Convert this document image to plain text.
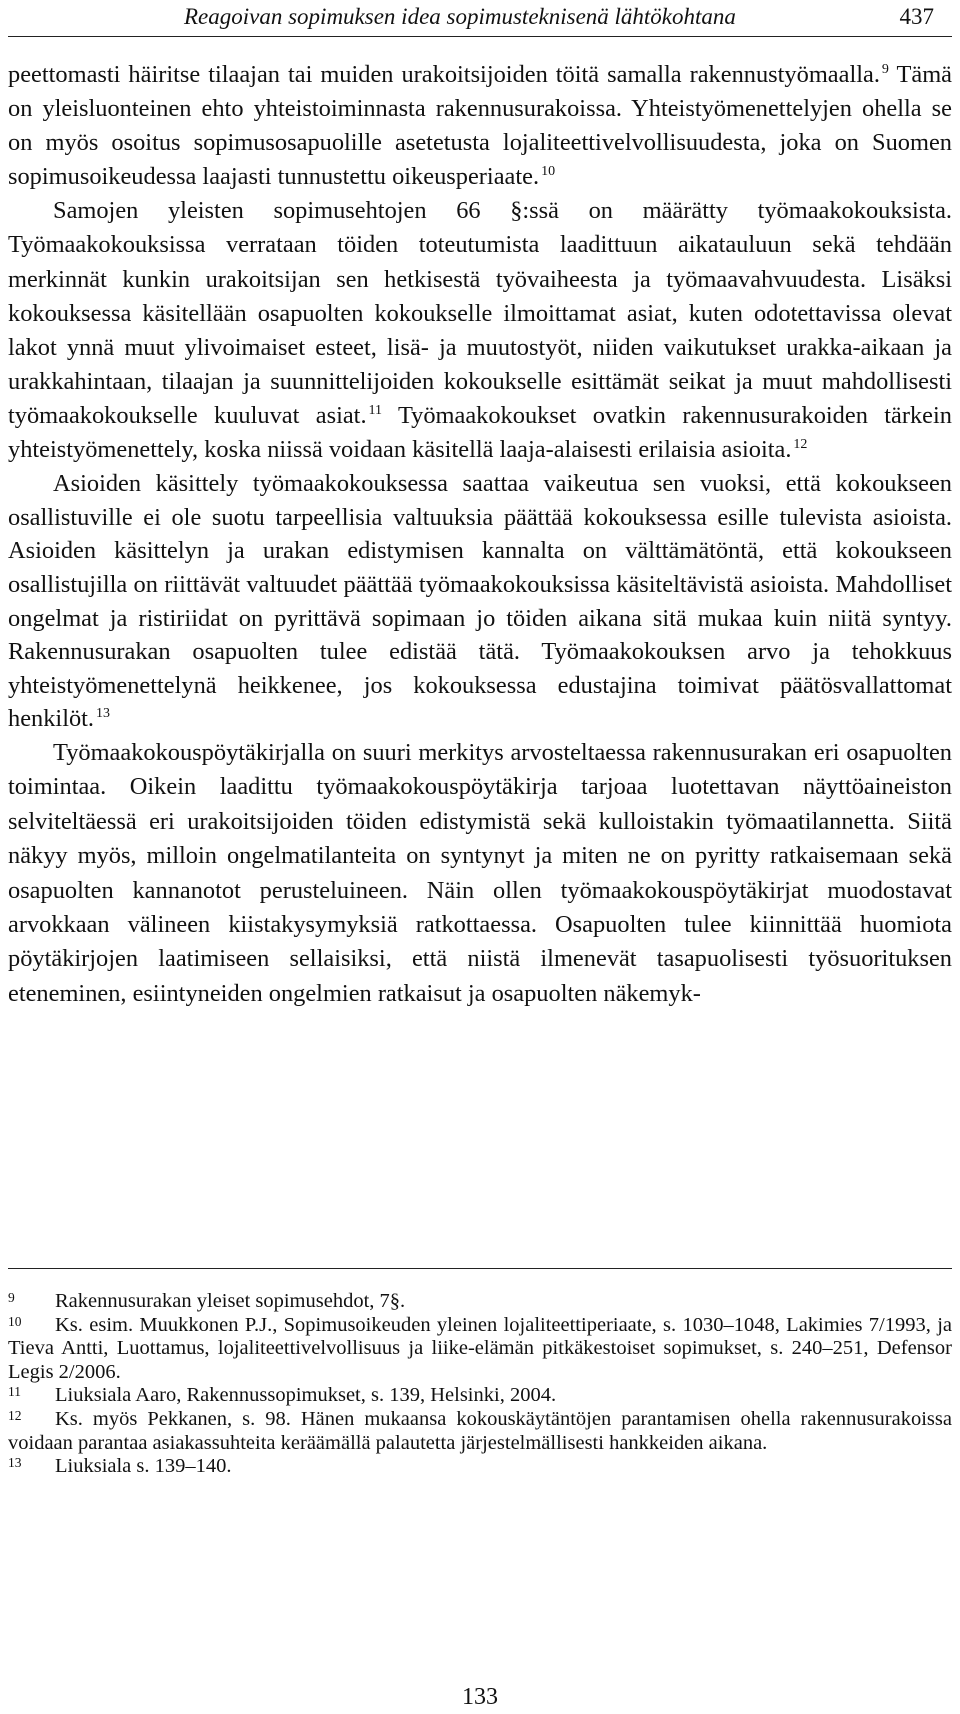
Reagoivan sopimuksen idea sopimusteknisenä lähtökohtana	437

peettomasti häiritse tilaajan tai muiden urakoitsijoiden töitä samalla rakennustyömaalla. $^9$ Tämä on yleisluonteinen ehto yhteistoiminnasta rakennusurakoissa. Yhteistyömenettelyjen ohella se on myös osoitus sopimusosapuolille asetetusta lojaliteettivelvollisuudesta, joka on Suomen sopimusoikeudessa laajasti tunnustettu oikeusperiaate. $^{10}$

Samojen yleisten sopimusehtojen 66 §:ssä on määrätty työmaakokouksista. Työmaakokouksissa verrataan töiden toteutumista laadittuun aikatauluun sekä tehdään merkinnät kunkin urakoitsijan sen hetkisestä työvaiheesta ja työmaavahvuudesta. Lisäksi kokouksessa käsitellään osapuolten kokoukselle ilmoittamat asiat, kuten odotettavissa olevat lakot ynnä muut ylivoimaiset esteet, lisä- ja muutostyöt, niiden vaikutukset urakka-aikaan ja urakkahintaan, tilaajan ja suunnittelijoiden kokoukselle esittämät seikat ja muut mahdollisesti työmaakokoukselle kuuluvat asiat. $^{11}$ Työmaakokoukset ovatkin rakennusurakoiden tärkein yhteistyömenettely, koska niissä voidaan käsitellä laaja-alaisesti erilaisia asioita. $^{12}$

Asioiden käsittely työmaakokouksessa saattaa vaikeutua sen vuoksi, että kokoukseen osallistuville ei ole suotu tarpeellisia valtuuksia päättää kokouksessa esille tulevista asioista. Asioiden käsittelyn ja urakan edistymisen kannalta on välttämätöntä, että kokoukseen osallistujilla on riittävät valtuudet päättää työmaakokouksissa käsiteltävistä asioista. Mahdolliset ongelmat ja ristiriidat on pyrittävä sopimaan jo töiden aikana sitä mukaa kuin niitä syntyy. Rakennusurakan osapuolten tulee edistää tätä. Työmaakokouksen arvo ja tehokkuus yhteistyömenettelynä heikkenee, jos kokouksessa edustajina toimivat päätösvallattomat henkilöt. $^{13}$

Työmaakokouspöytäkirjalla on suuri merkitys arvosteltaessa rakennusurakan eri osapuolten toimintaa. Oikein laadittu työmaakokouspöytäkirja tarjoaa luotettavan näyttöaineiston selviteltäessä eri urakoitsijoiden töiden edistymistä sekä kulloistakin työmaatilannetta. Siitä näkyy myös, milloin ongelmatilanteita on syntynyt ja miten ne on pyritty ratkaisemaan sekä osapuolten kannanotot perusteluineen. Näin ollen työmaakokouspöytäkirjat muodostavat arvokkaan välineen kiistakysymyksiä ratkottaessa. Osapuolten tulee kiinnittää huomiota pöytäkirjojen laatimiseen sellaisiksi, että niistä ilmenevät tasapuolisesti työsuorituksen eteneminen, esiintyneiden ongelmien ratkaisut ja osapuolten näkemyk-

9 Rakennusurakan yleiset sopimusehdot, 7§.

10 Ks. esim. Muukkonen P.J., Sopimusoikeuden yleinen lojaliteettiperiaate, s. 1030–1048, Lakimies 7/1993, ja Tieva Antti, Luottamus, lojaliteettivelvollisuus ja liike-elämän pitkäkestoiset sopimukset, s. 240–251, Defensor Legis 2/2006.

11 Liuksiala Aaro, Rakennussopimukset, s. 139, Helsinki, 2004.

12 Ks. myös Pekkanen, s. 98. Hänen mukaansa kokouskäytäntöjen parantamisen ohella rakennusurakoissa voidaan parantaa asiakassuhteita keräämällä palautetta järjestelmällisesti hankkeiden aikana.

13 Liuksiala s. 139–140.

133
